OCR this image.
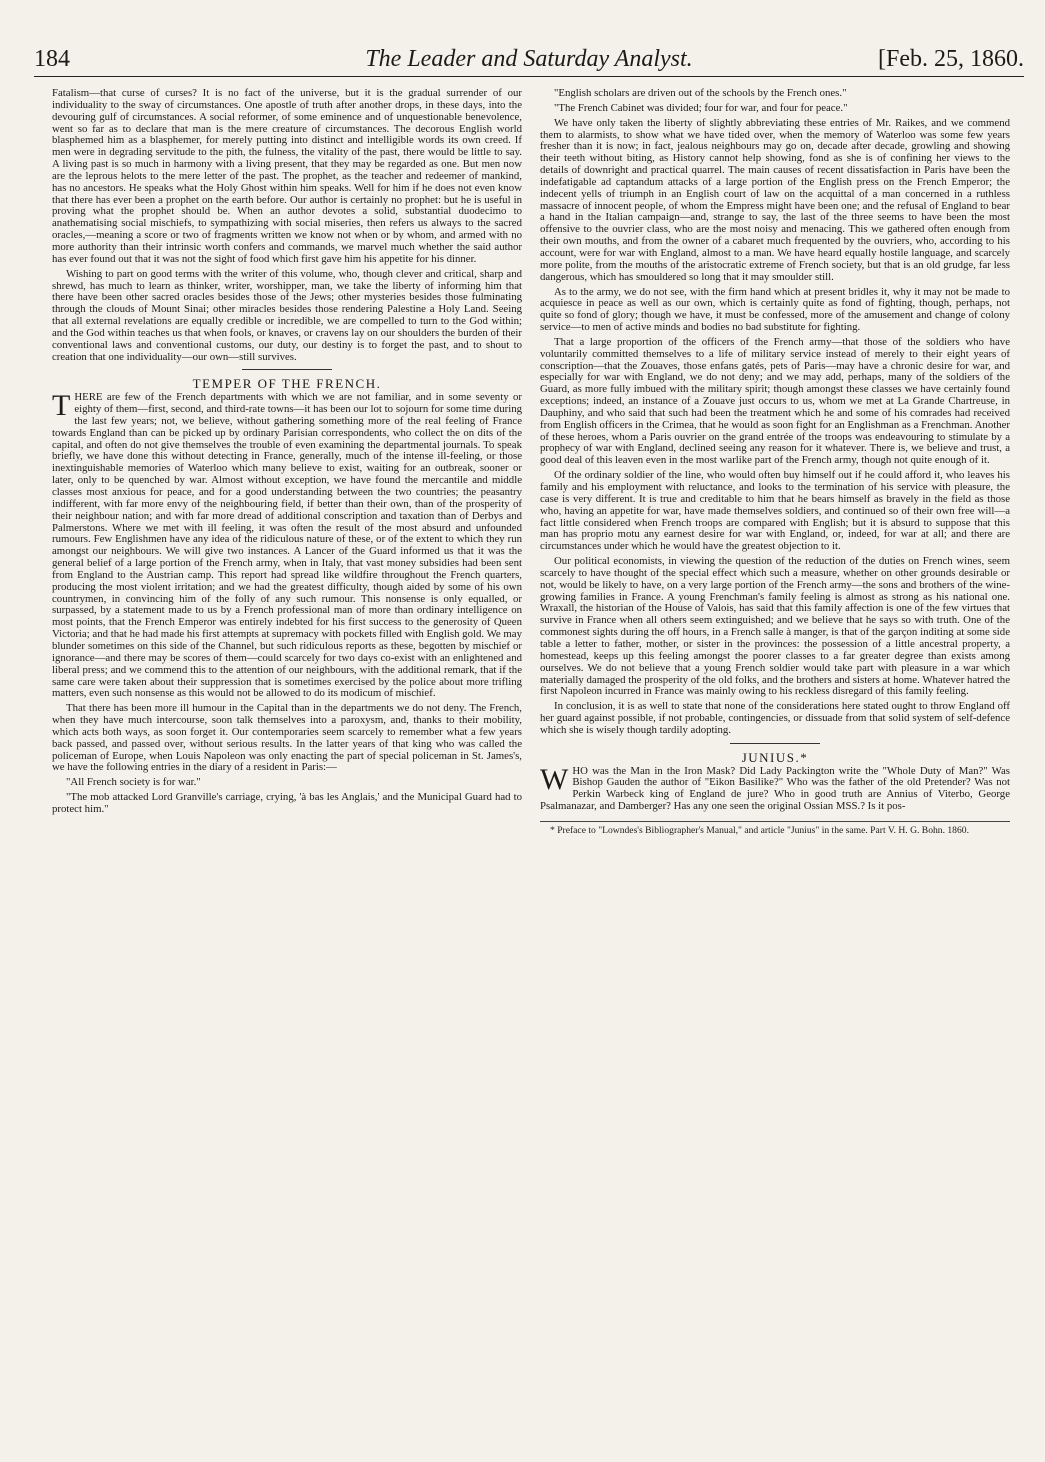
184	The Leader and Saturday Analyst.	[Feb. 25, 1860.

Fatalism—that curse of curses? It is no fact of the universe, but it is the gradual surrender of our individuality to the sway of circumstances. One apostle of truth after another drops, in these days, into the devouring gulf of circumstances. A social reformer, of some eminence and of unquestionable benevolence, went so far as to declare that man is the mere creature of circumstances. The decorous English world blasphemed him as a blasphemer, for merely putting into distinct and intelligible words its own creed. If men were in degrading servitude to the pith, the fulness, the vitality of the past, there would be little to say. A living past is so much in harmony with a living present, that they may be regarded as one. But men now are the leprous helots to the mere letter of the past. The prophet, as the teacher and redeemer of mankind, has no ancestors. He speaks what the Holy Ghost within him speaks. Well for him if he does not even know that there has ever been a prophet on the earth before. Our author is certainly no prophet: but he is useful in proving what the prophet should be. When an author devotes a solid, substantial duodecimo to anathematising social mischiefs, to sympathizing with social miseries, then refers us always to the sacred oracles,—meaning a score or two of fragments written we know not when or by whom, and armed with no more authority than their intrinsic worth confers and commands, we marvel much whether the said author has ever found out that it was not the sight of food which first gave him his appetite for his dinner.

Wishing to part on good terms with the writer of this volume, who, though clever and critical, sharp and shrewd, has much to learn as thinker, writer, worshipper, man, we take the liberty of informing him that there have been other sacred oracles besides those of the Jews; other mysteries besides those fulminating through the clouds of Mount Sinai; other miracles besides those rendering Palestine a Holy Land. Seeing that all external revelations are equally credible or incredible, we are compelled to turn to the God within; and the God within teaches us that when fools, or knaves, or cravens lay on our shoulders the burden of their conventional laws and conventional customs, our duty, our destiny is to forget the past, and to shout to creation that one individuality—our own—still survives.

TEMPER OF THE FRENCH.

THERE are few of the French departments with which we are not familiar, and in some seventy or eighty of them—first, second, and third-rate towns—it has been our lot to sojourn for some time during the last few years; not, we believe, without gathering something more of the real feeling of France towards England than can be picked up by ordinary Parisian correspondents, who collect the on dits of the capital, and often do not give themselves the trouble of even examining the departmental journals. To speak briefly, we have done this without detecting in France, generally, much of the intense ill-feeling, or those inextinguishable memories of Waterloo which many believe to exist, waiting for an outbreak, sooner or later, only to be quenched by war. Almost without exception, we have found the mercantile and middle classes most anxious for peace, and for a good understanding between the two countries; the peasantry indifferent, with far more envy of the neighbouring field, if better than their own, than of the prosperity of their neighbour nation; and with far more dread of additional conscription and taxation than of Derbys and Palmerstons. Where we met with ill feeling, it was often the result of the most absurd and unfounded rumours. Few Englishmen have any idea of the ridiculous nature of these, or of the extent to which they run amongst our neighbours. We will give two instances. A Lancer of the Guard informed us that it was the general belief of a large portion of the French army, when in Italy, that vast money subsidies had been sent from England to the Austrian camp. This report had spread like wildfire throughout the French quarters, producing the most violent irritation; and we had the greatest difficulty, though aided by some of his own countrymen, in convincing him of the folly of any such rumour. This nonsense is only equalled, or surpassed, by a statement made to us by a French professional man of more than ordinary intelligence on most points, that the French Emperor was entirely indebted for his first success to the generosity of Queen Victoria; and that he had made his first attempts at supremacy with pockets filled with English gold. We may blunder sometimes on this side of the Channel, but such ridiculous reports as these, begotten by mischief or ignorance—and there may be scores of them—could scarcely for two days co-exist with an enlightened and liberal press; and we commend this to the attention of our neighbours, with the additional remark, that if the same care were taken about their suppression that is sometimes exercised by the police about more trifling matters, even such nonsense as this would not be allowed to do its modicum of mischief.

That there has been more ill humour in the Capital than in the departments we do not deny. The French, when they have much intercourse, soon talk themselves into a paroxysm, and, thanks to their mobility, which acts both ways, as soon forget it. Our contemporaries seem scarcely to remember what a few years back passed, and passed over, without serious results. In the latter years of that king who was called the policeman of Europe, when Louis Napoleon was only enacting the part of special policeman in St. James's, we have the following entries in the diary of a resident in Paris:—

"All French society is for war."

"The mob attacked Lord Granville's carriage, crying, 'à bas les Anglais,' and the Municipal Guard had to protect him."

"English scholars are driven out of the schools by the French ones."

"The French Cabinet was divided; four for war, and four for peace."

We have only taken the liberty of slightly abbreviating these entries of Mr. Raikes, and we commend them to alarmists, to show what we have tided over, when the memory of Waterloo was some few years fresher than it is now; in fact, jealous neighbours may go on, decade after decade, growling and showing their teeth without biting, as History cannot help showing, fond as she is of confining her views to the details of downright and practical quarrel. The main causes of recent dissatisfaction in Paris have been the indefatigable ad captandum attacks of a large portion of the English press on the French Emperor; the indecent yells of triumph in an English court of law on the acquittal of a man concerned in a ruthless massacre of innocent people, of whom the Empress might have been one; and the refusal of England to bear a hand in the Italian campaign—and, strange to say, the last of the three seems to have been the most offensive to the ouvrier class, who are the most noisy and menacing. This we gathered often enough from their own mouths, and from the owner of a cabaret much frequented by the ouvriers, who, according to his account, were for war with England, almost to a man. We have heard equally hostile language, and scarcely more polite, from the mouths of the aristocratic extreme of French society, but that is an old grudge, far less dangerous, which has smouldered so long that it may smoulder still.

As to the army, we do not see, with the firm hand which at present bridles it, why it may not be made to acquiesce in peace as well as our own, which is certainly quite as fond of fighting, though, perhaps, not quite so fond of glory; though we have, it must be confessed, more of the amusement and change of colony service—to men of active minds and bodies no bad substitute for fighting.

That a large proportion of the officers of the French army—that those of the soldiers who have voluntarily committed themselves to a life of military service instead of merely to their eight years of conscription—that the Zouaves, those enfans gatés, pets of Paris—may have a chronic desire for war, and especially for war with England, we do not deny; and we may add, perhaps, many of the soldiers of the Guard, as more fully imbued with the military spirit; though amongst these classes we have certainly found exceptions; indeed, an instance of a Zouave just occurs to us, whom we met at La Grande Chartreuse, in Dauphiny, and who said that such had been the treatment which he and some of his comrades had received from English officers in the Crimea, that he would as soon fight for an Englishman as a Frenchman. Another of these heroes, whom a Paris ouvrier on the grand entrée of the troops was endeavouring to stimulate by a prophecy of war with England, declined seeing any reason for it whatever. There is, we believe and trust, a good deal of this leaven even in the most warlike part of the French army, though not quite enough of it.

Of the ordinary soldier of the line, who would often buy himself out if he could afford it, who leaves his family and his employment with reluctance, and looks to the termination of his service with pleasure, the case is very different. It is true and creditable to him that he bears himself as bravely in the field as those who, having an appetite for war, have made themselves soldiers, and continued so of their own free will—a fact little considered when French troops are compared with English; but it is absurd to suppose that this man has proprio motu any earnest desire for war with England, or, indeed, for war at all; and there are circumstances under which he would have the greatest objection to it.

Our political economists, in viewing the question of the reduction of the duties on French wines, seem scarcely to have thought of the special effect which such a measure, whether on other grounds desirable or not, would be likely to have, on a very large portion of the French army—the sons and brothers of the wine-growing families in France. A young Frenchman's family feeling is almost as strong as his national one. Wraxall, the historian of the House of Valois, has said that this family affection is one of the few virtues that survive in France when all others seem extinguished; and we believe that he says so with truth. One of the commonest sights during the off hours, in a French salle à manger, is that of the garçon inditing at some side table a letter to father, mother, or sister in the provinces: the possession of a little ancestral property, a homestead, keeps up this feeling amongst the poorer classes to a far greater degree than exists among ourselves. We do not believe that a young French soldier would take part with pleasure in a war which materially damaged the prosperity of the old folks, and the brothers and sisters at home. Whatever hatred the first Napoleon incurred in France was mainly owing to his reckless disregard of this family feeling.

In conclusion, it is as well to state that none of the considerations here stated ought to throw England off her guard against possible, if not probable, contingencies, or dissuade from that solid system of self-defence which she is wisely though tardily adopting.

JUNIUS.*

WHO was the Man in the Iron Mask? Did Lady Packington write the "Whole Duty of Man?" Was Bishop Gauden the author of "Eikon Basilike?" Who was the father of the old Pretender? Was not Perkin Warbeck king of England de jure? Who in good truth are Annius of Viterbo, George Psalmanazar, and Damberger? Has any one seen the original Ossian MSS.? Is it pos-

* Preface to "Lowndes's Bibliographer's Manual," and article "Junius" in the same. Part V. H. G. Bohn. 1860.
